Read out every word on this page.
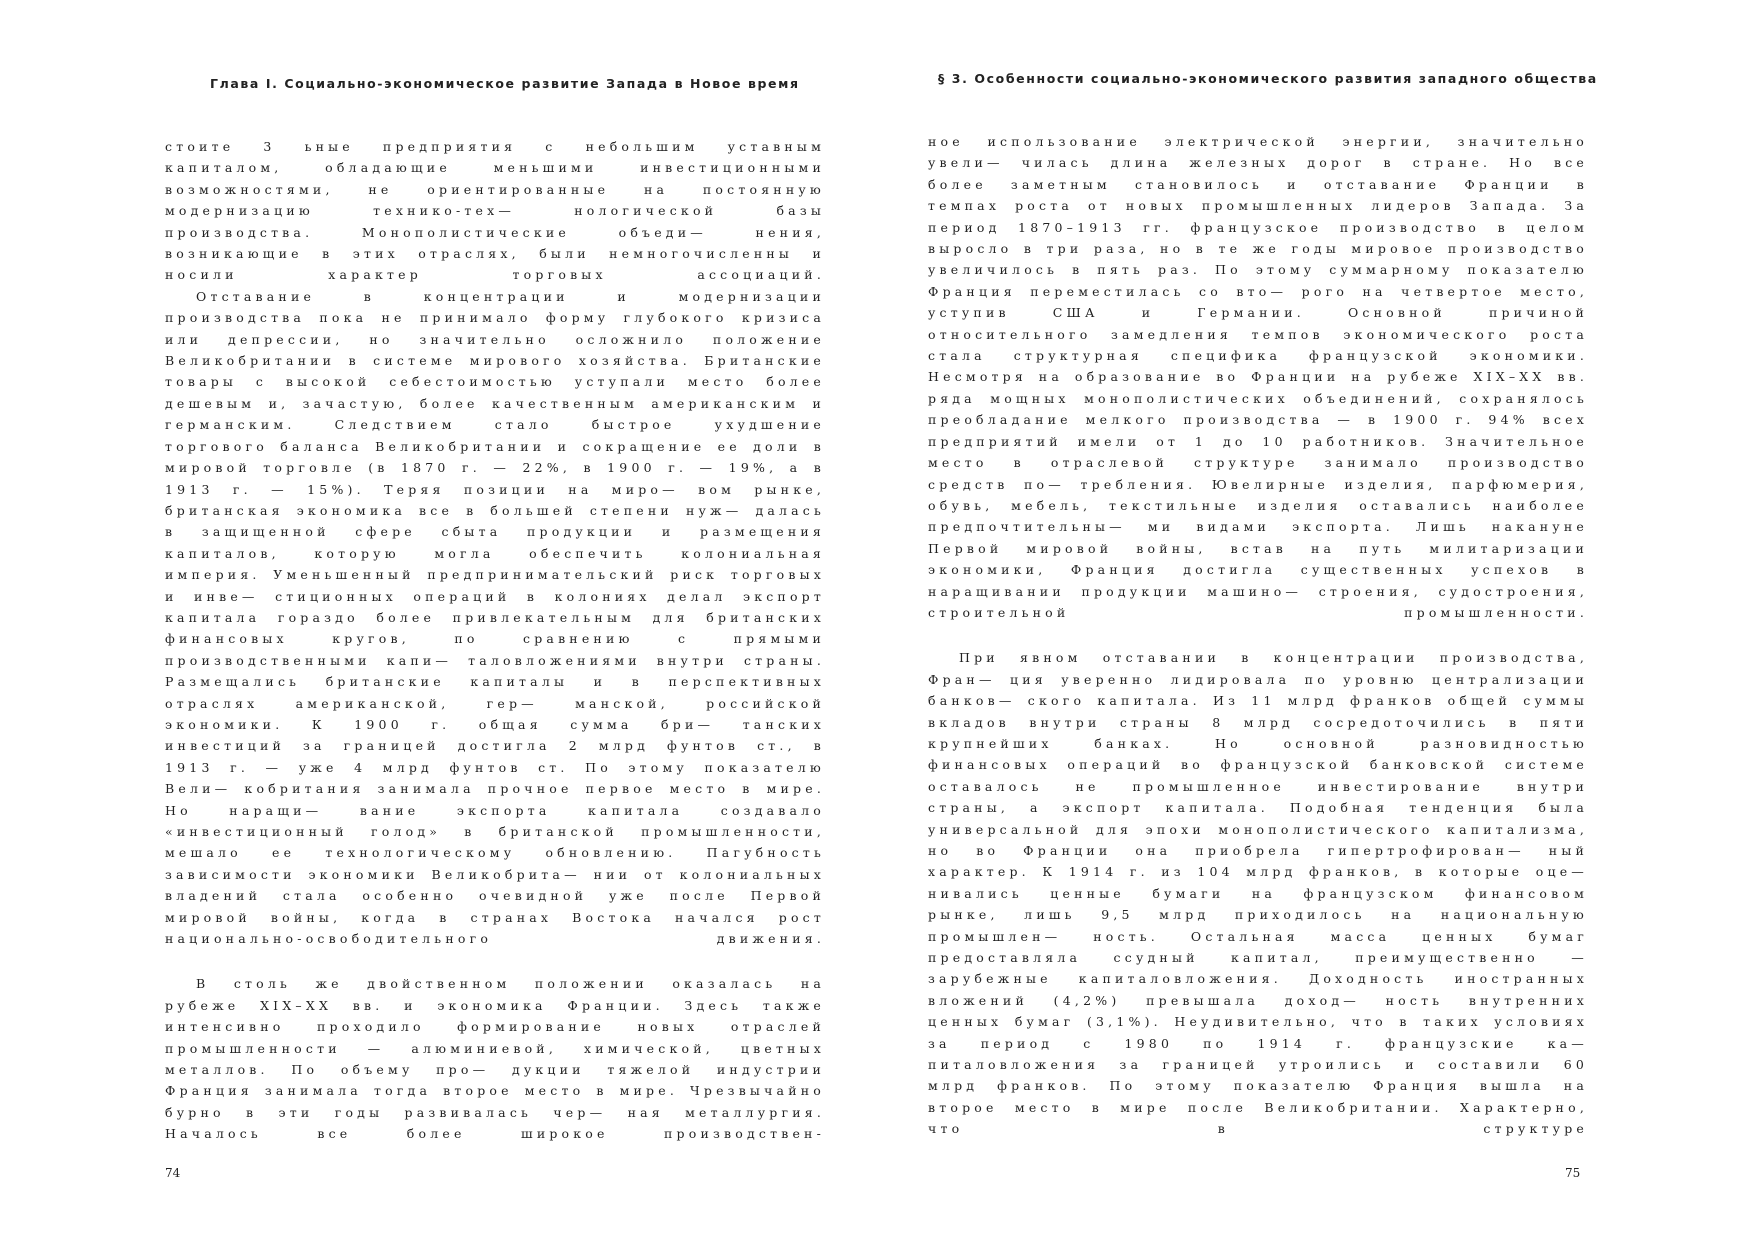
Глава I. Социально-экономическое развитие Запада в Новое время

стоите 3 ьные предприятия с небольшим уставным капиталом, обладающие меньшими инвестиционными возможностями, не ориентированные на постоянную модернизацию технико-тех— нологической базы производства. Монополистические объеди— нения, возникающие в этих отраслях, были немногочисленны и носили характер торговых ассоциаций.

Отставание в концентрации и модернизации производства пока не принимало форму глубокого кризиса или депрессии, но значительно осложнило положение Великобритании в системе мирового хозяйства. Британские товары с высокой себестоимостью уступали место более дешевым и, зачастую, более качественным американским и германским. Следствием стало быстрое ухудшение торгового баланса Великобритании и сокращение ее доли в мировой торговле (в 1870 г. — 22%, в 1900 г. — 19%, а в 1913 г. — 15%). Теряя позиции на миро— вом рынке, британская экономика все в большей степени нуж— далась в защищенной сфере сбыта продукции и размещения капиталов, которую могла обеспечить колониальная империя. Уменьшенный предпринимательский риск торговых и инве— стиционных операций в колониях делал экспорт капитала гораздо более привлекательным для британских финансовых кругов, по сравнению с прямыми производственными капи— таловложениями внутри страны. Размещались британские капиталы и в перспективных отраслях американской, гер— манской, российской экономики. К 1900 г. общая сумма бри— танских инвестиций за границей достигла 2 млрд фунтов ст., в 1913 г. — уже 4 млрд фунтов ст. По этому показателю Вели— кобритания занимала прочное первое место в мире. Но наращи— вание экспорта капитала создавало «инвестиционный голод» в британской промышленности, мешало ее технологическому обновлению. Пагубность зависимости экономики Великобрита— нии от колониальных владений стала особенно очевидной уже после Первой мировой войны, когда в странах Востока начался рост национально-освободительного движения.

В столь же двойственном положении оказалась на рубеже XIX–XX вв. и экономика Франции. Здесь также интенсивно проходило формирование новых отраслей промышленности — алюминиевой, химической, цветных металлов. По объему про— дукции тяжелой индустрии Франция занимала тогда второе место в мире. Чрезвычайно бурно в эти годы развивалась чер— ная металлургия. Началось все более широкое производствен-

74
§ 3. Особенности социально-экономического развития западного общества

ное использование электрической энергии, значительно увели— чилась длина железных дорог в стране. Но все более заметным становилось и отставание Франции в темпах роста от новых промышленных лидеров Запада. За период 1870–1913 гг. французское производство в целом выросло в три раза, но в те же годы мировое производство увеличилось в пять раз. По этому суммарному показателю Франция переместилась со вто— рого на четвертое место, уступив США и Германии. Основной причиной относительного замедления темпов экономического роста стала структурная специфика французской экономики. Несмотря на образование во Франции на рубеже XIX–XX вв. ряда мощных монополистических объединений, сохранялось преобладание мелкого производства — в 1900 г. 94% всех предприятий имели от 1 до 10 работников. Значительное место в отраслевой структуре занимало производство средств по— требления. Ювелирные изделия, парфюмерия, обувь, мебель, текстильные изделия оставались наиболее предпочтительны— ми видами экспорта. Лишь накануне Первой мировой войны, встав на путь милитаризации экономики, Франция достигла существенных успехов в наращивании продукции машино— строения, судостроения, строительной промышленности.

При явном отставании в концентрации производства, Фран— ция уверенно лидировала по уровню централизации банков— ского капитала. Из 11 млрд франков общей суммы вкладов внутри страны 8 млрд сосредоточились в пяти крупнейших банках. Но основной разновидностью финансовых операций во французской банковской системе оставалось не промышленное инвестирование внутри страны, а экспорт капитала. Подобная тенденция была универсальной для эпохи монополистического капитализма, но во Франции она приобрела гипертрофирован— ный характер. К 1914 г. из 104 млрд франков, в которые оце— нивались ценные бумаги на французском финансовом рынке, лишь 9,5 млрд приходилось на национальную промышлен— ность. Остальная масса ценных бумаг предоставляла ссудный капитал, преимущественно — зарубежные капиталовложения. Доходность иностранных вложений (4,2%) превышала доход— ность внутренних ценных бумаг (3,1%). Неудивительно, что в таких условиях за период с 1980 по 1914 г. французские ка— питаловложения за границей утроились и составили 60 млрд франков. По этому показателю Франция вышла на второе место в мире после Великобритании. Характерно, что в структуре

75
